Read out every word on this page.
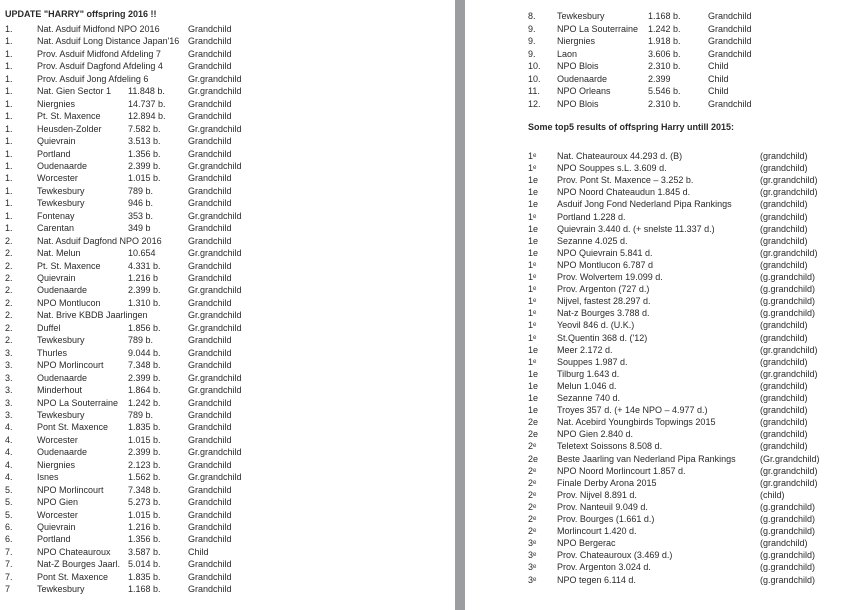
UPDATE "HARRY" offspring 2016 !!
1.	Nat. Asduif Midfond NPO 2016	Grandchild
1.	Nat. Asduif Long Distance Japan'16 Grandchild
1.	Prov. Asduif Midfond Afdeling 7	Grandchild
1.	Prov. Asduif Dagfond Afdeling 4	Grandchild
1.	Prov. Asduif Jong Afdeling 6	Gr.grandchild
1.	Nat. Gien Sector 1 11.848 b.	Gr.grandchild
1.	Niergnies	14.737 b. Grandchild
1.	Pt. St. Maxence	12.894 b. Grandchild
1.	Heusden-Zolder	7.582 b.	Gr.grandchild
1.	Quievrain	3.513 b.	Grandchild
1.	Portland	1.356 b.	Grandchild
1.	Oudenaarde	2.399 b.	Gr.grandchild
1.	Worcester	1.015 b.	Grandchild
1.	Tewkesbury	789 b.	Grandchild
1.	Tewkesbury	946 b.	Grandchild
1.	Fontenay	353 b.	Gr.grandchild
1.	Carentan	349 b	Grandchild
2.	Nat. Asduif Dagfond NPO 2016	Grandchild
2.	Nat. Melun	10.654	Gr.grandchild
2.	Pt. St. Maxence	4.331 b.	Grandchild
2.	Quievrain	1.216 b	Grandchild
2.	Oudenaarde	2.399 b.	Gr.grandchild
2.	NPO Montlucon	1.310 b.	Grandchild
2.	Nat. Brive KBDB Jaarlingen	Gr.grandchild
2.	Duffel	1.856 b.	Gr.grandchild
2.	Tewkesbury	789 b.	Grandchild
3.	Thurles	9.044 b.	Grandchild
3.	NPO Morlincourt	7.348 b.	Grandchild
3.	Oudenaarde	2.399 b.	Gr.grandchild
3.	Minderhout	1.864 b.	Gr.grandchild
3.	NPO La Souterraine 1.242 b.	Grandchild
3.	Tewkesbury	789 b.	Grandchild
4.	Pont St. Maxence 1.835 b.	Grandchild
4.	Worcester	1.015 b.	Grandchild
4.	Oudenaarde	2.399 b.	Gr.grandchild
4.	Niergnies	2.123 b.	Grandchild
4.	Isnes	1.562 b.	Gr.grandchild
5.	NPO Morlincourt	7.348 b.	Grandchild
5.	NPO Gien	5.273 b.	Grandchild
5.	Worcester	1.015 b.	Grandchild
6.	Quievrain	1.216 b.	Grandchild
6.	Portland	1.356 b.	Grandchild
7.	NPO Chateauroux 3.587 b.	Child
7.	Nat-Z Bourges Jaarl. 5.014 b.	Grandchild
7.	Pont St. Maxence 1.835 b.	Grandchild
7	Tewkesbury	1.168 b.	Grandchild
8. Tewkesbury	1.168 b.	Grandchild
9. NPO La Souterraine 1.242 b.	Grandchild
9. Niergnies	1.918 b.	Grandchild
9. Laon	3.606 b.	Grandchild
10. NPO Blois	2.310 b.	Child
10. Oudenaarde	2.399	Child
11. NPO Orleans	5.546 b.	Child
12. NPO Blois	2.310 b.	Grandchild
Some top5 results of offspring Harry untill 2015:
1ᵉ Nat. Chateauroux 44.293 d. (B)	(grandchild)
1ᵉ NPO Souppes s.L. 3.609 d.	(grandchild)
1e Prov. Pont St. Maxence – 3.252 b.	(gr.grandchild)
1e NPO Noord Chateaudun 1.845 d.	(gr.grandchild)
1e Asduif Jong Fond Nederland Pipa Rankings	(grandchild)
1ᵉ Portland 1.228 d.	(grandchild)
1e Quievrain 3.440 d. (+ snelste 11.337 d.)	(grandchild)
1e Sezanne 4.025 d.	(grandchild)
1e NPO Quievrain 5.841 d.	(gr.grandchild)
1ᵉ NPO Montlucon 6.787 d	(grandchild)
1ᵉ Prov. Wolvertem 19.099 d.	(g.grandchild)
1ᵉ Prov. Argenton (727 d.)	(g.grandchild)
1ᵉ Nijvel, fastest 28.297 d.	(g.grandchild)
1ᵉ Nat-z Bourges 3.788 d.	(g.grandchild)
1ᵉ Yeovil 846 d. (U.K.)	(grandchild)
1ᵉ St.Quentin 368 d. ('12)	(grandchild)
1e Meer 2.172 d.	(gr.grandchild)
1ᵉ Souppes 1.987 d.	(grandchild)
1e Tilburg 1.643 d.	(gr.grandchild)
1e Melun 1.046 d.	(grandchild)
1e Sezanne 740 d.	(grandchild)
1e Troyes 357 d. (+ 14e NPO – 4.977 d.)	(grandchild)
2e Nat. Acebird Youngbirds Topwings 2015	(grandchild)
2e NPO Gien 2.840 d.	(grandchild)
2ᵉ Teletext Soissons 8.508 d.	(grandchild)
2e Beste Jaarling van Nederland Pipa Rankings	(Gr.grandchild)
2ᵉ NPO Noord Morlincourt 1.857 d.	(gr.grandchild)
2ᵉ Finale Derby Arona 2015	(gr.grandchild)
2ᵉ Prov. Nijvel 8.891 d.	(child)
2ᵉ Prov. Nanteuil 9.049 d.	(g.grandchild)
2ᵉ Prov. Bourges (1.661 d.)	(g.grandchild)
2ᵉ Morlincourt 1.420 d.	(g.grandchild)
3ᵉ NPO Bergerac	(grandchild)
3ᵉ Prov. Chateauroux (3.469 d.)	(g.grandchild)
3ᵉ Prov. Argenton 3.024 d.	(g.grandchild)
3ᵉ NPO tegen 6.114 d.	(g.grandchild)
